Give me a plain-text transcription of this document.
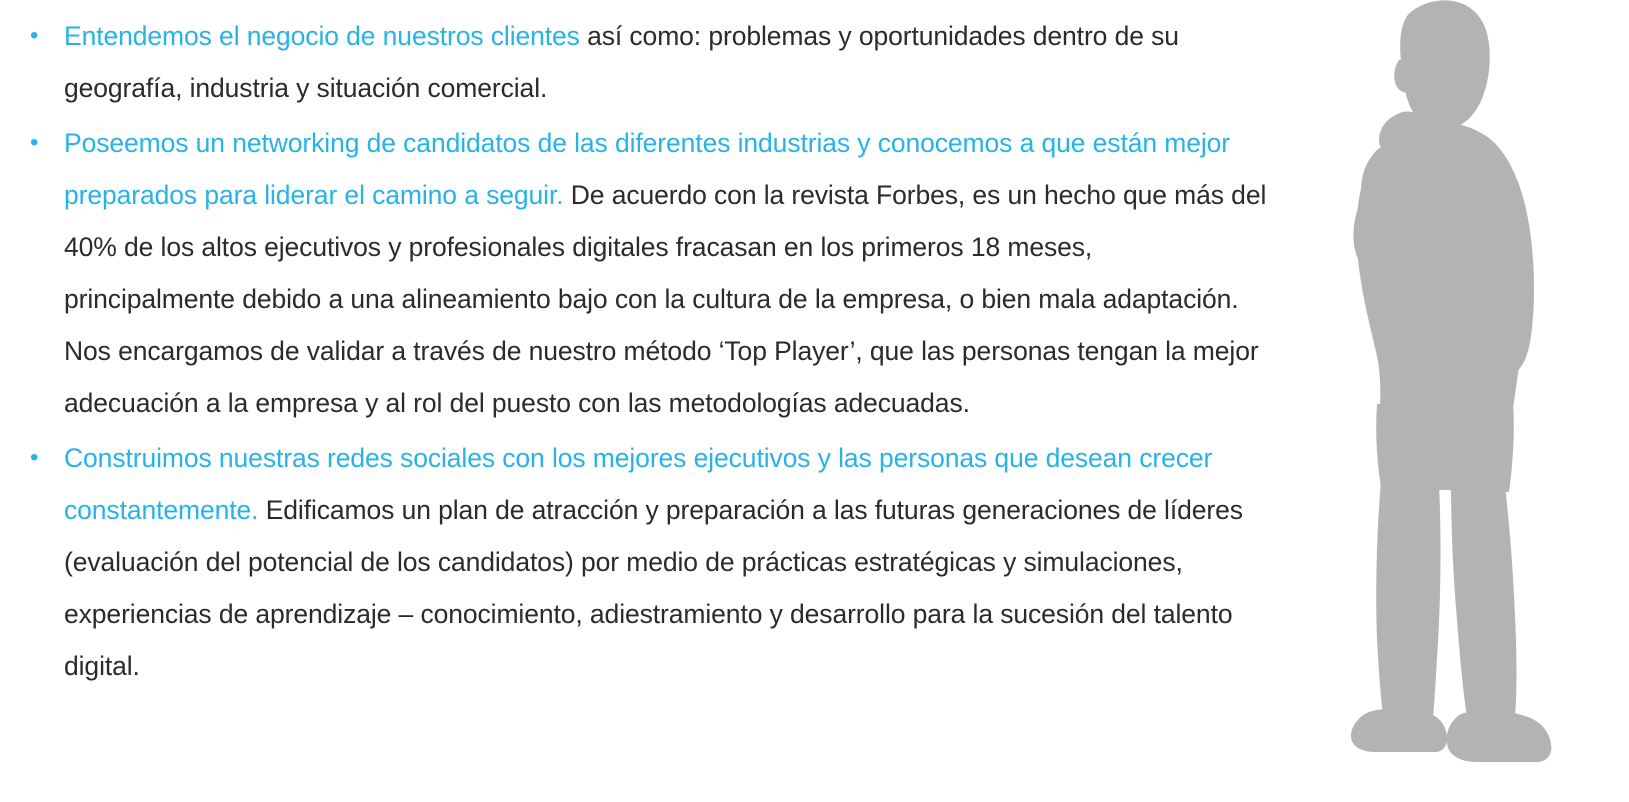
• Entendemos el negocio de nuestros clientes así como: problemas y oportunidades dentro de su geografía, industria y situación comercial.
• Poseemos un networking de candidatos de las diferentes industrias y conocemos a que están mejor preparados para liderar el camino a seguir. De acuerdo con la revista Forbes, es un hecho que más del 40% de los altos ejecutivos y profesionales digitales fracasan en los primeros 18 meses, principalmente debido a una alineamiento bajo con la cultura de la empresa, o bien mala adaptación. Nos encargamos de validar a través de nuestro método ‘Top Player’, que las personas tengan la mejor adecuación a la empresa y al rol del puesto con las metodologías adecuadas.
• Construimos nuestras redes sociales con los mejores ejecutivos y las personas que desean crecer constantemente. Edificamos un plan de atracción y preparación a las futuras generaciones de líderes (evaluación del potencial de los candidatos) por medio de prácticas estratégicas y simulaciones, experiencias de aprendizaje – conocimiento, adiestramiento y desarrollo para la sucesión del talento digital.
